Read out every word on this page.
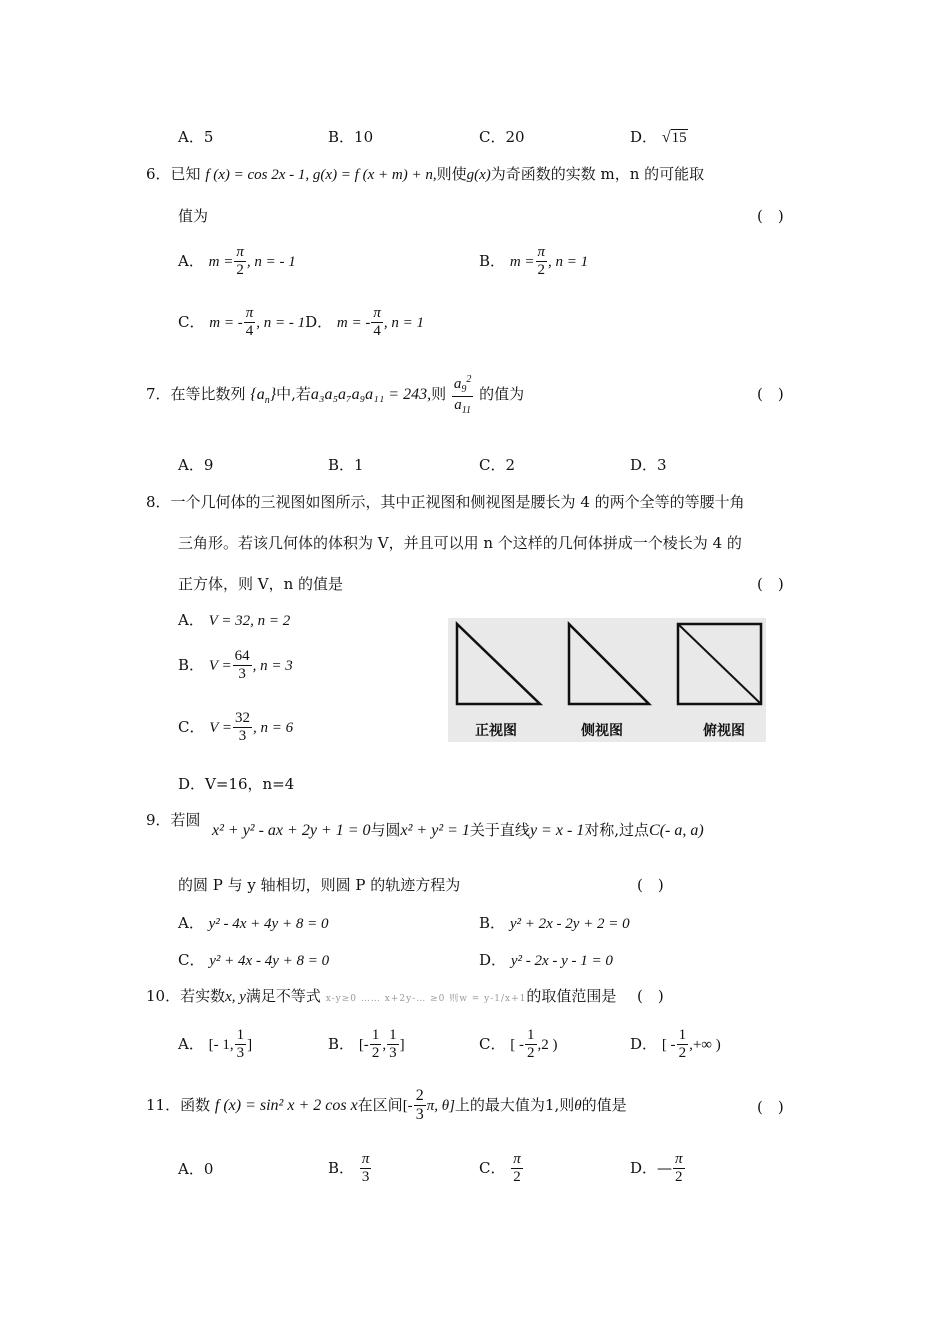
A．5	B．10	C．20	D． √15
6．已知 f (x) = cos 2x - 1, g(x) = f (x + m) + n,则使g(x)为奇函数的实数 m，n 的可能取
值为	(　)
A． $m = \frac{\pi}{2}$ , n = - 1	B． $m = \frac{\pi}{2}$ , n = 1
C． m = - $\frac{\pi}{4}$ , n = - 1D． m = - $\frac{\pi}{4}$ , n = 1
7．在等比数列 $\{a_n\}$中,若a₃a₅a₇a₉a₁₁ = 243,则 $\frac{a_9^2}{a_{11}}$ 的值为	(　)
A．9	B．1	C．2	D．3
8．一个几何体的三视图如图所示，其中正视图和侧视图是腰长为 4 的两个全等的等腰十角
三角形。若该几何体的体积为 V，并且可以用 n 个这样的几何体拼成一个棱长为 4 的
正方体，则 V，n 的值是	(　)
A． V = 32, n = 2
B． $V = \frac{64}{3}$ , n = 3
C． $V = \frac{32}{3}$ , n = 6
D．V=16，n=4
正视图	侧视图	俯视图
9．若圆
x² + y² - ax + 2y + 1 = 0与圆x² + y² = 1关于直线y = x - 1对称,过点C(- a, a)
的圆 P 与 y 轴相切，则圆 P 的轨迹方程为	(　)
A． y² - 4x + 4y + 8 = 0	B． y² + 2x - 2y + 2 = 0
C． y² + 4x - 4y + 8 = 0	D． y² - 2x - y - 1 = 0
10．若实数x, y满足不等式 x-y≥0 …… x+2y-… ≥0 则w = y-1/x+1的取值范围是 (　)
A． [- 1, $\frac{1}{3}$ ]	B． [- $\frac{1}{2}$ , $\frac{1}{3}$ ]	C． [ - $\frac{1}{2} ,2$ )	D． [ - $\frac{1}{2}$ ,+∞ )
11．函数 f (x) = sin² x + 2 cos x在区间[- $\frac{2}{3} \pi$, θ]上的最大值为1,则θ的值是	(　)
A．0	B． $\frac{\pi}{3}$	C． $\frac{\pi}{2}$	D．— $\frac{\pi}{2}$
